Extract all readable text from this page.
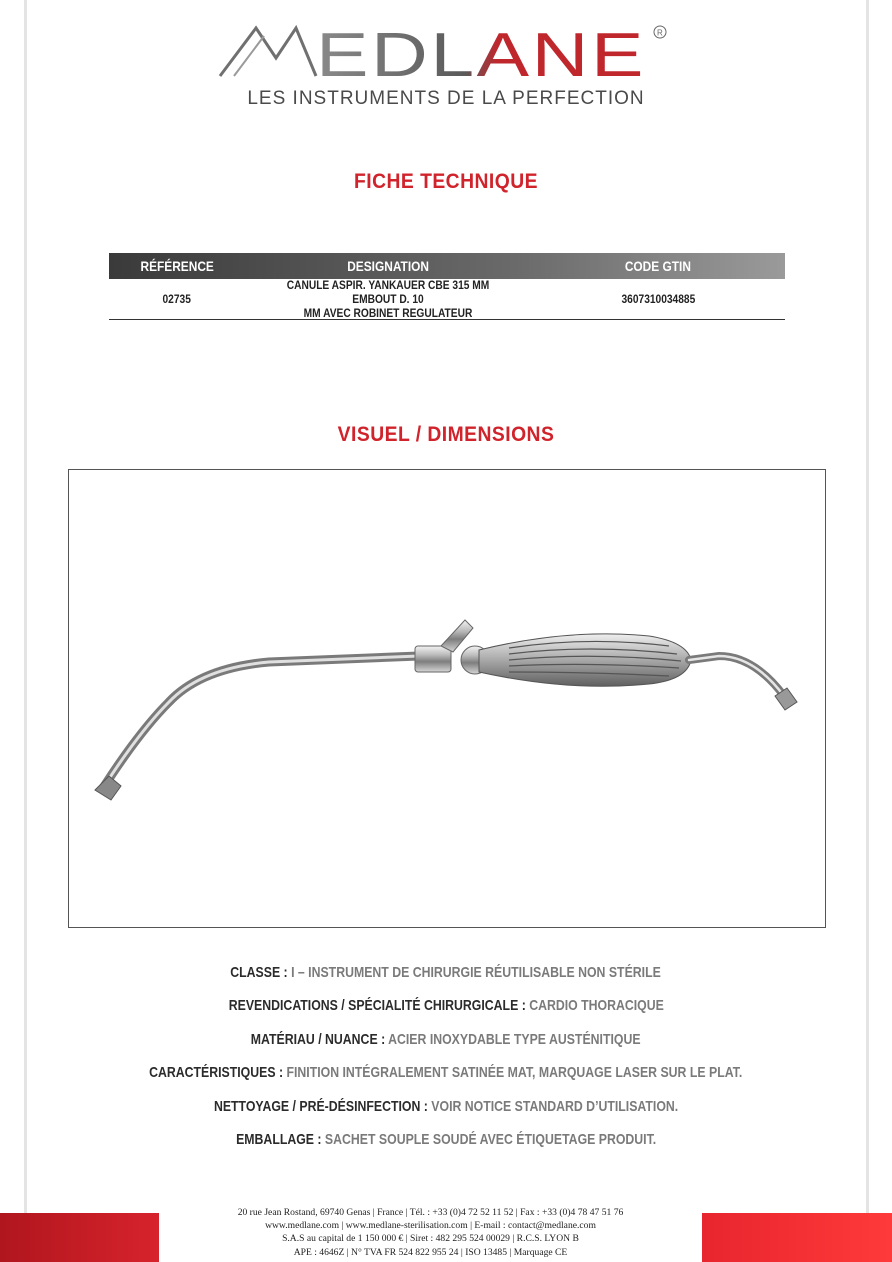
EDLANE R
LES INSTRUMENTS DE LA PERFECTION
FICHE TECHNIQUE
RÉFÉRENCE	DESIGNATION	CODE GTIN
02735
CANULE ASPIR. YANKAUER CBE 315 MM EMBOUT D. 10
MM AVEC ROBINET REGULATEUR
3607310034885
VISUEL / DIMENSIONS
CLASSE : I – INSTRUMENT DE CHIRURGIE RÉUTILISABLE NON STÉRILE
REVENDICATIONS / SPÉCIALITÉ CHIRURGICALE : CARDIO THORACIQUE
MATÉRIAU / NUANCE : ACIER INOXYDABLE TYPE AUSTÉNITIQUE
CARACTÉRISTIQUES : FINITION INTÉGRALEMENT SATINÉE MAT, MARQUAGE LASER SUR LE PLAT.
NETTOYAGE / PRÉ-DÉSINFECTION : VOIR NOTICE STANDARD D’UTILISATION.
EMBALLAGE : SACHET SOUPLE SOUDÉ AVEC ÉTIQUETAGE PRODUIT.
20 rue Jean Rostand, 69740 Genas | France | Tél. : +33 (0)4 72 52 11 52 | Fax : +33 (0)4 78 47 51 76
www.medlane.com | www.medlane-sterilisation.com | E-mail : contact@medlane.com
S.A.S au capital de 1 150 000 € | Siret : 482 295 524 00029 | R.C.S. LYON B
APE : 4646Z | N° TVA FR 524 822 955 24 | ISO 13485 | Marquage CE
